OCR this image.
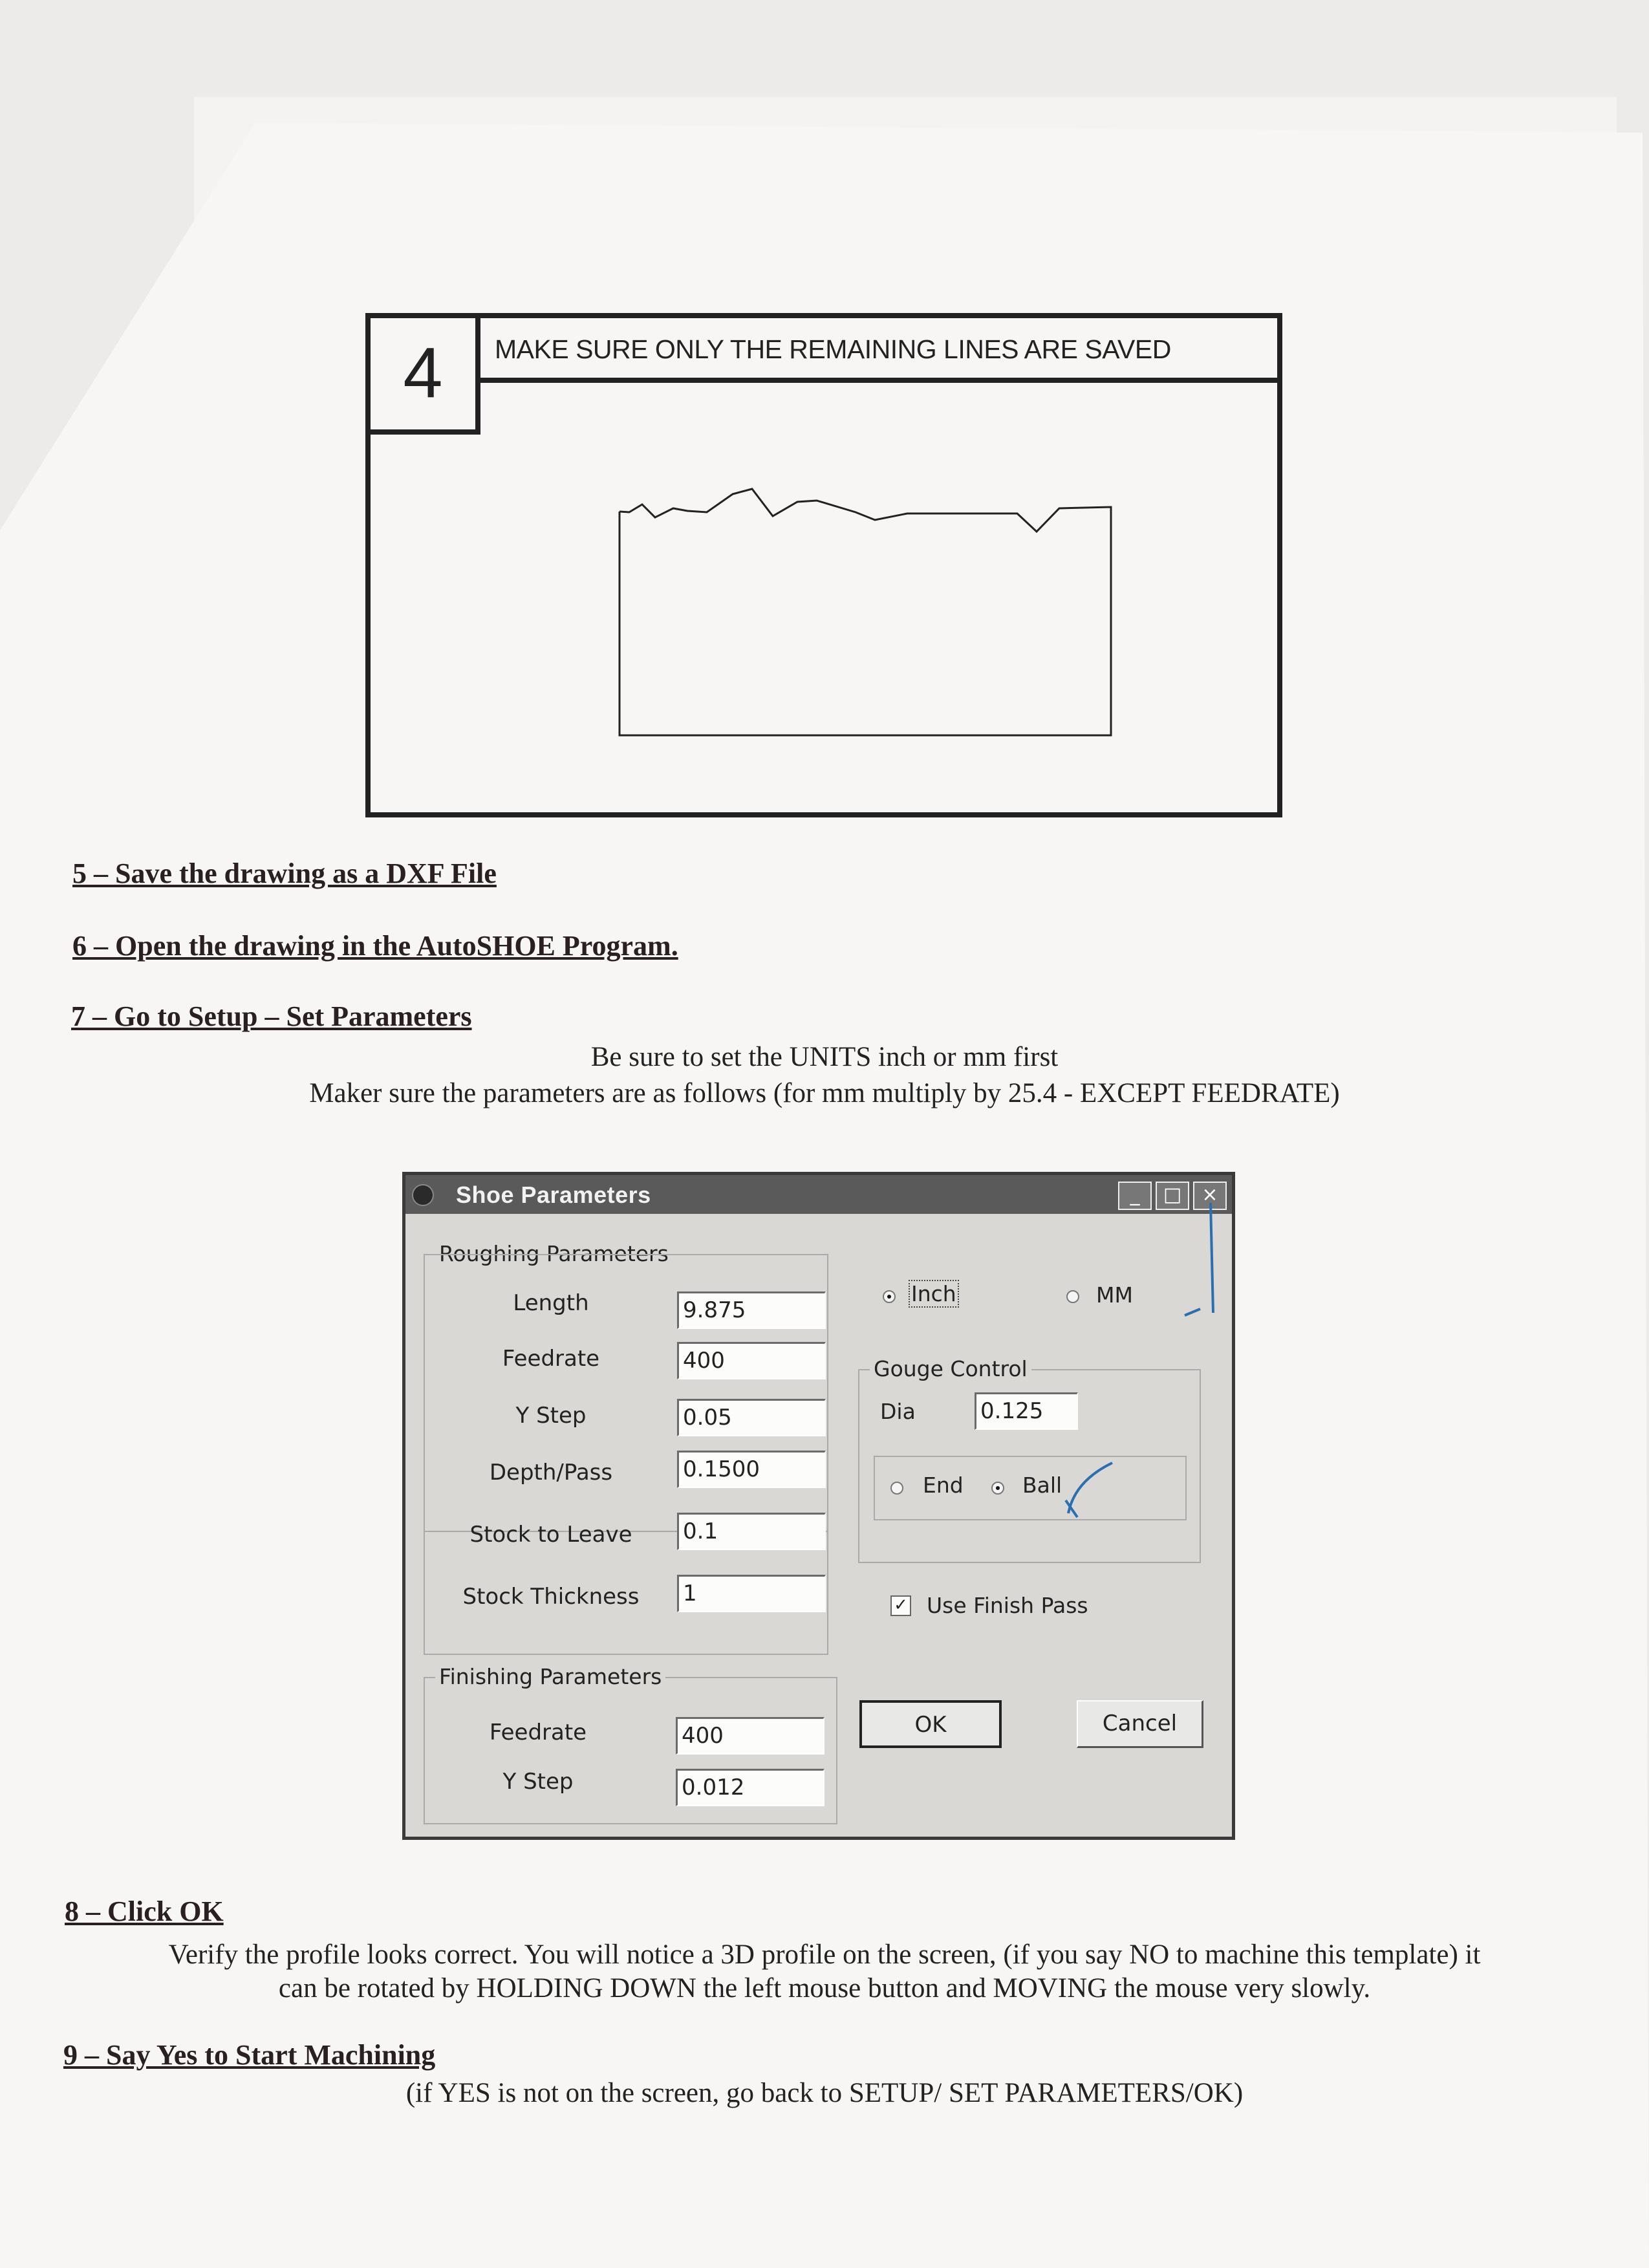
4	MAKE SURE ONLY THE REMAINING LINES ARE SAVED
5 – Save the drawing as a DXF File
6 – Open the drawing in the AutoSHOE Program.
7 – Go to Setup – Set Parameters
Be sure to set the UNITS inch or mm first
Maker sure the parameters are as follows (for mm multiply by 25.4 - EXCEPT FEEDRATE)
Shoe Parameters	_	□	×
Roughing Parameters
Length	9.875
Feedrate	400
Y Step	0.05
Depth/Pass	0.1500
Stock to Leave	0.1
Stock Thickness	1
Inch	MM
Gouge Control
Dia	0.125
End	Ball
✓ Use Finish Pass
Finishing Parameters
Feedrate	400
Y Step	0.012
OK	Cancel
8 – Click OK
Verify the profile looks correct. You will notice a 3D profile on the screen, (if you say NO to machine this template) it
can be rotated by HOLDING DOWN the left mouse button and MOVING the mouse very slowly.
9 – Say Yes to Start Machining
(if YES is not on the screen, go back to SETUP/ SET PARAMETERS/OK)
